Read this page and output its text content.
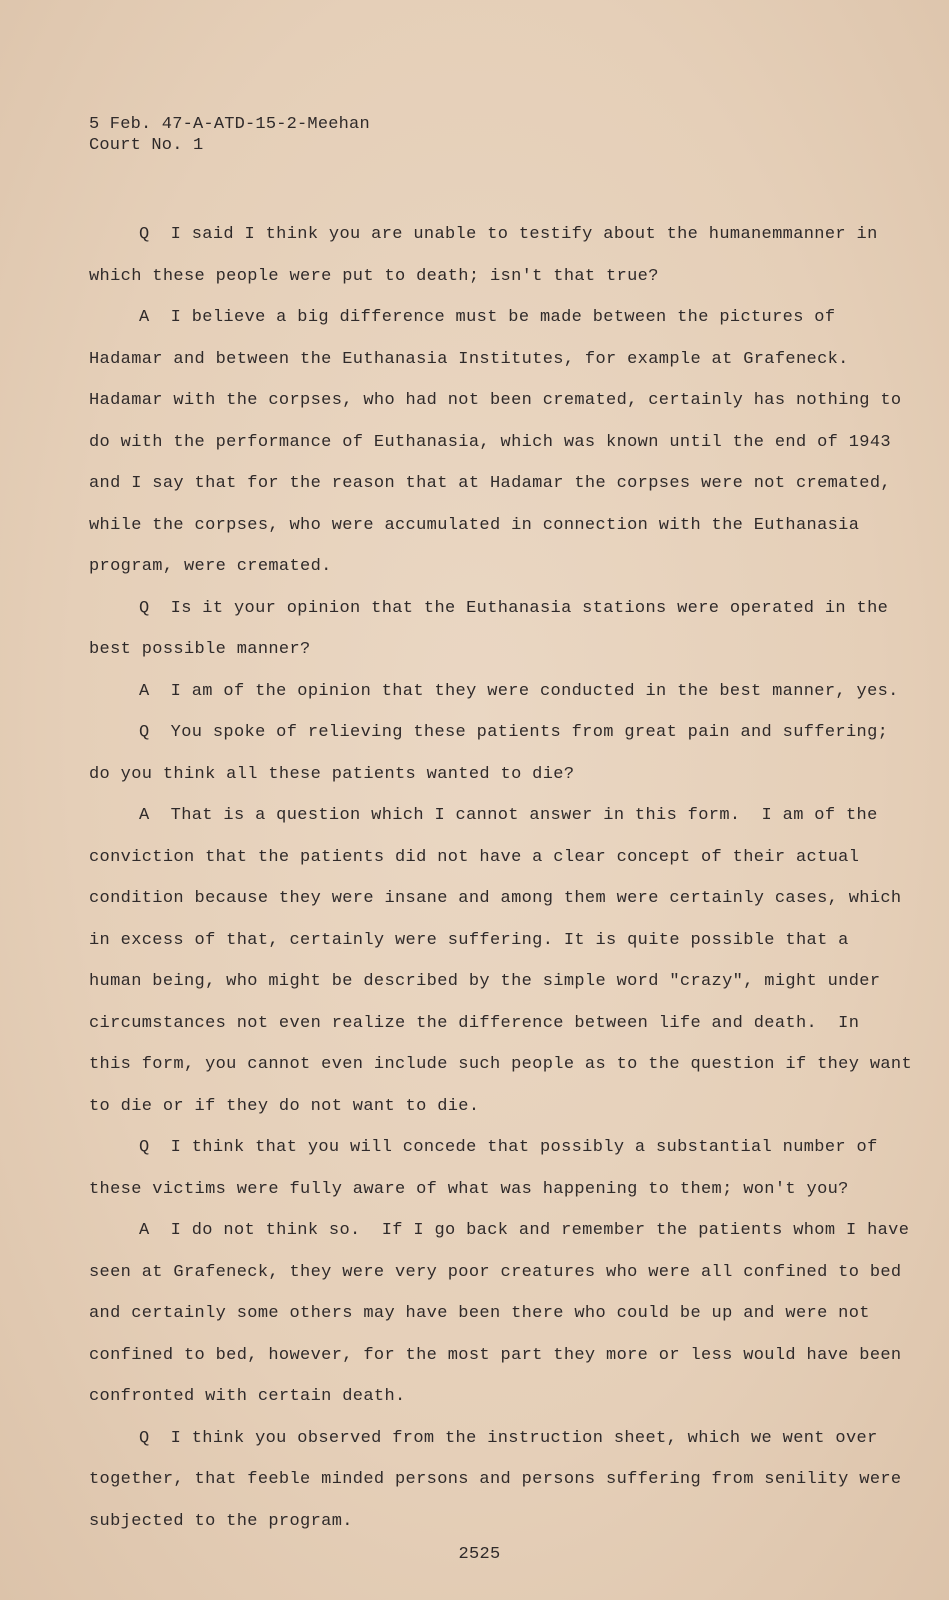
5 Feb. 47-A-ATD-15-2-Meehan
Court No. 1
Q  I said I think you are unable to testify about the humanemmanner in
which these people were put to death; isn't that true?
A  I believe a big difference must be made between the pictures of
Hadamar and between the Euthanasia Institutes, for example at Grafeneck.
Hadamar with the corpses, who had not been cremated, certainly has nothing to
do with the performance of Euthanasia, which was known until the end of 1943
and I say that for the reason that at Hadamar the corpses were not cremated,
while the corpses, who were accumulated in connection with the Euthanasia
program, were cremated.
Q  Is it your opinion that the Euthanasia stations were operated in the
best possible manner?
A  I am of the opinion that they were conducted in the best manner, yes.
Q  You spoke of relieving these patients from great pain and suffering;
do you think all these patients wanted to die?
A  That is a question which I cannot answer in this form.  I am of the
conviction that the patients did not have a clear concept of their actual
condition because they were insane and among them were certainly cases, which
in excess of that, certainly were suffering. It is quite possible that a
human being, who might be described by the simple word "crazy", might under
circumstances not even realize the difference between life and death.  In
this form, you cannot even include such people as to the question if they want
to die or if they do not want to die.
Q  I think that you will concede that possibly a substantial number of
these victims were fully aware of what was happening to them; won't you?
A  I do not think so.  If I go back and remember the patients whom I have
seen at Grafeneck, they were very poor creatures who were all confined to bed
and certainly some others may have been there who could be up and were not
confined to bed, however, for the most part they more or less would have been
confronted with certain death.
Q  I think you observed from the instruction sheet, which we went over
together, that feeble minded persons and persons suffering from senility were
subjected to the program.
2525
